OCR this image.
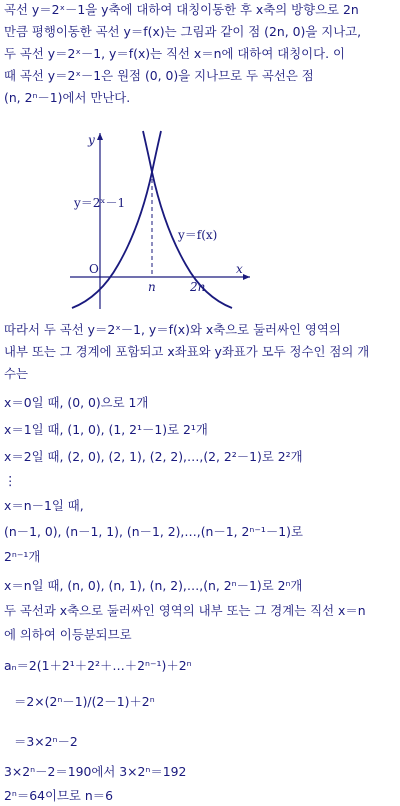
곡선 y＝2ˣ－1을 y축에 대하여 대칭이동한 후 x축의 방향으로 2n
만큼 평행이동한 곡선 y＝f(x)는 그림과 같이 점 (2n, 0)을 지나고,
두 곡선 y＝2ˣ－1, y＝f(x)는 직선 x＝n에 대하여 대칭이다. 이
때 곡선 y＝2ˣ－1은 원점 (0, 0)을 지나므로 두 곡선은 점
(n, 2ⁿ－1)에서 만난다.
y
x
O
n	2n
y＝2ˣ－1
y＝f(x)
따라서 두 곡선 y＝2ˣ－1, y＝f(x)와 x축으로 둘러싸인 영역의
내부 또는 그 경계에 포함되고 x좌표와 y좌표가 모두 정수인 점의 개
수는
x＝0일 때, (0, 0)으로 1개
x＝1일 때, (1, 0), (1, 2¹－1)로 2¹개
x＝2일 때, (2, 0), (2, 1), (2, 2),…,(2, 2²－1)로 2²개
⋮
x＝n－1일 때,
(n－1, 0), (n－1, 1), (n－1, 2),…,(n－1, 2ⁿ⁻¹－1)로
2ⁿ⁻¹개
x＝n일 때, (n, 0), (n, 1), (n, 2),…,(n, 2ⁿ－1)로 2ⁿ개
두 곡선과 x축으로 둘러싸인 영역의 내부 또는 그 경계는 직선 x＝n
에 의하여 이등분되므로
aₙ＝2(1＋2¹＋2²＋…＋2ⁿ⁻¹)＋2ⁿ
＝2×(2ⁿ－1)/(2－1)＋2ⁿ
＝3×2ⁿ－2
3×2ⁿ－2＝190에서 3×2ⁿ＝192
2ⁿ＝64이므로 n＝6
